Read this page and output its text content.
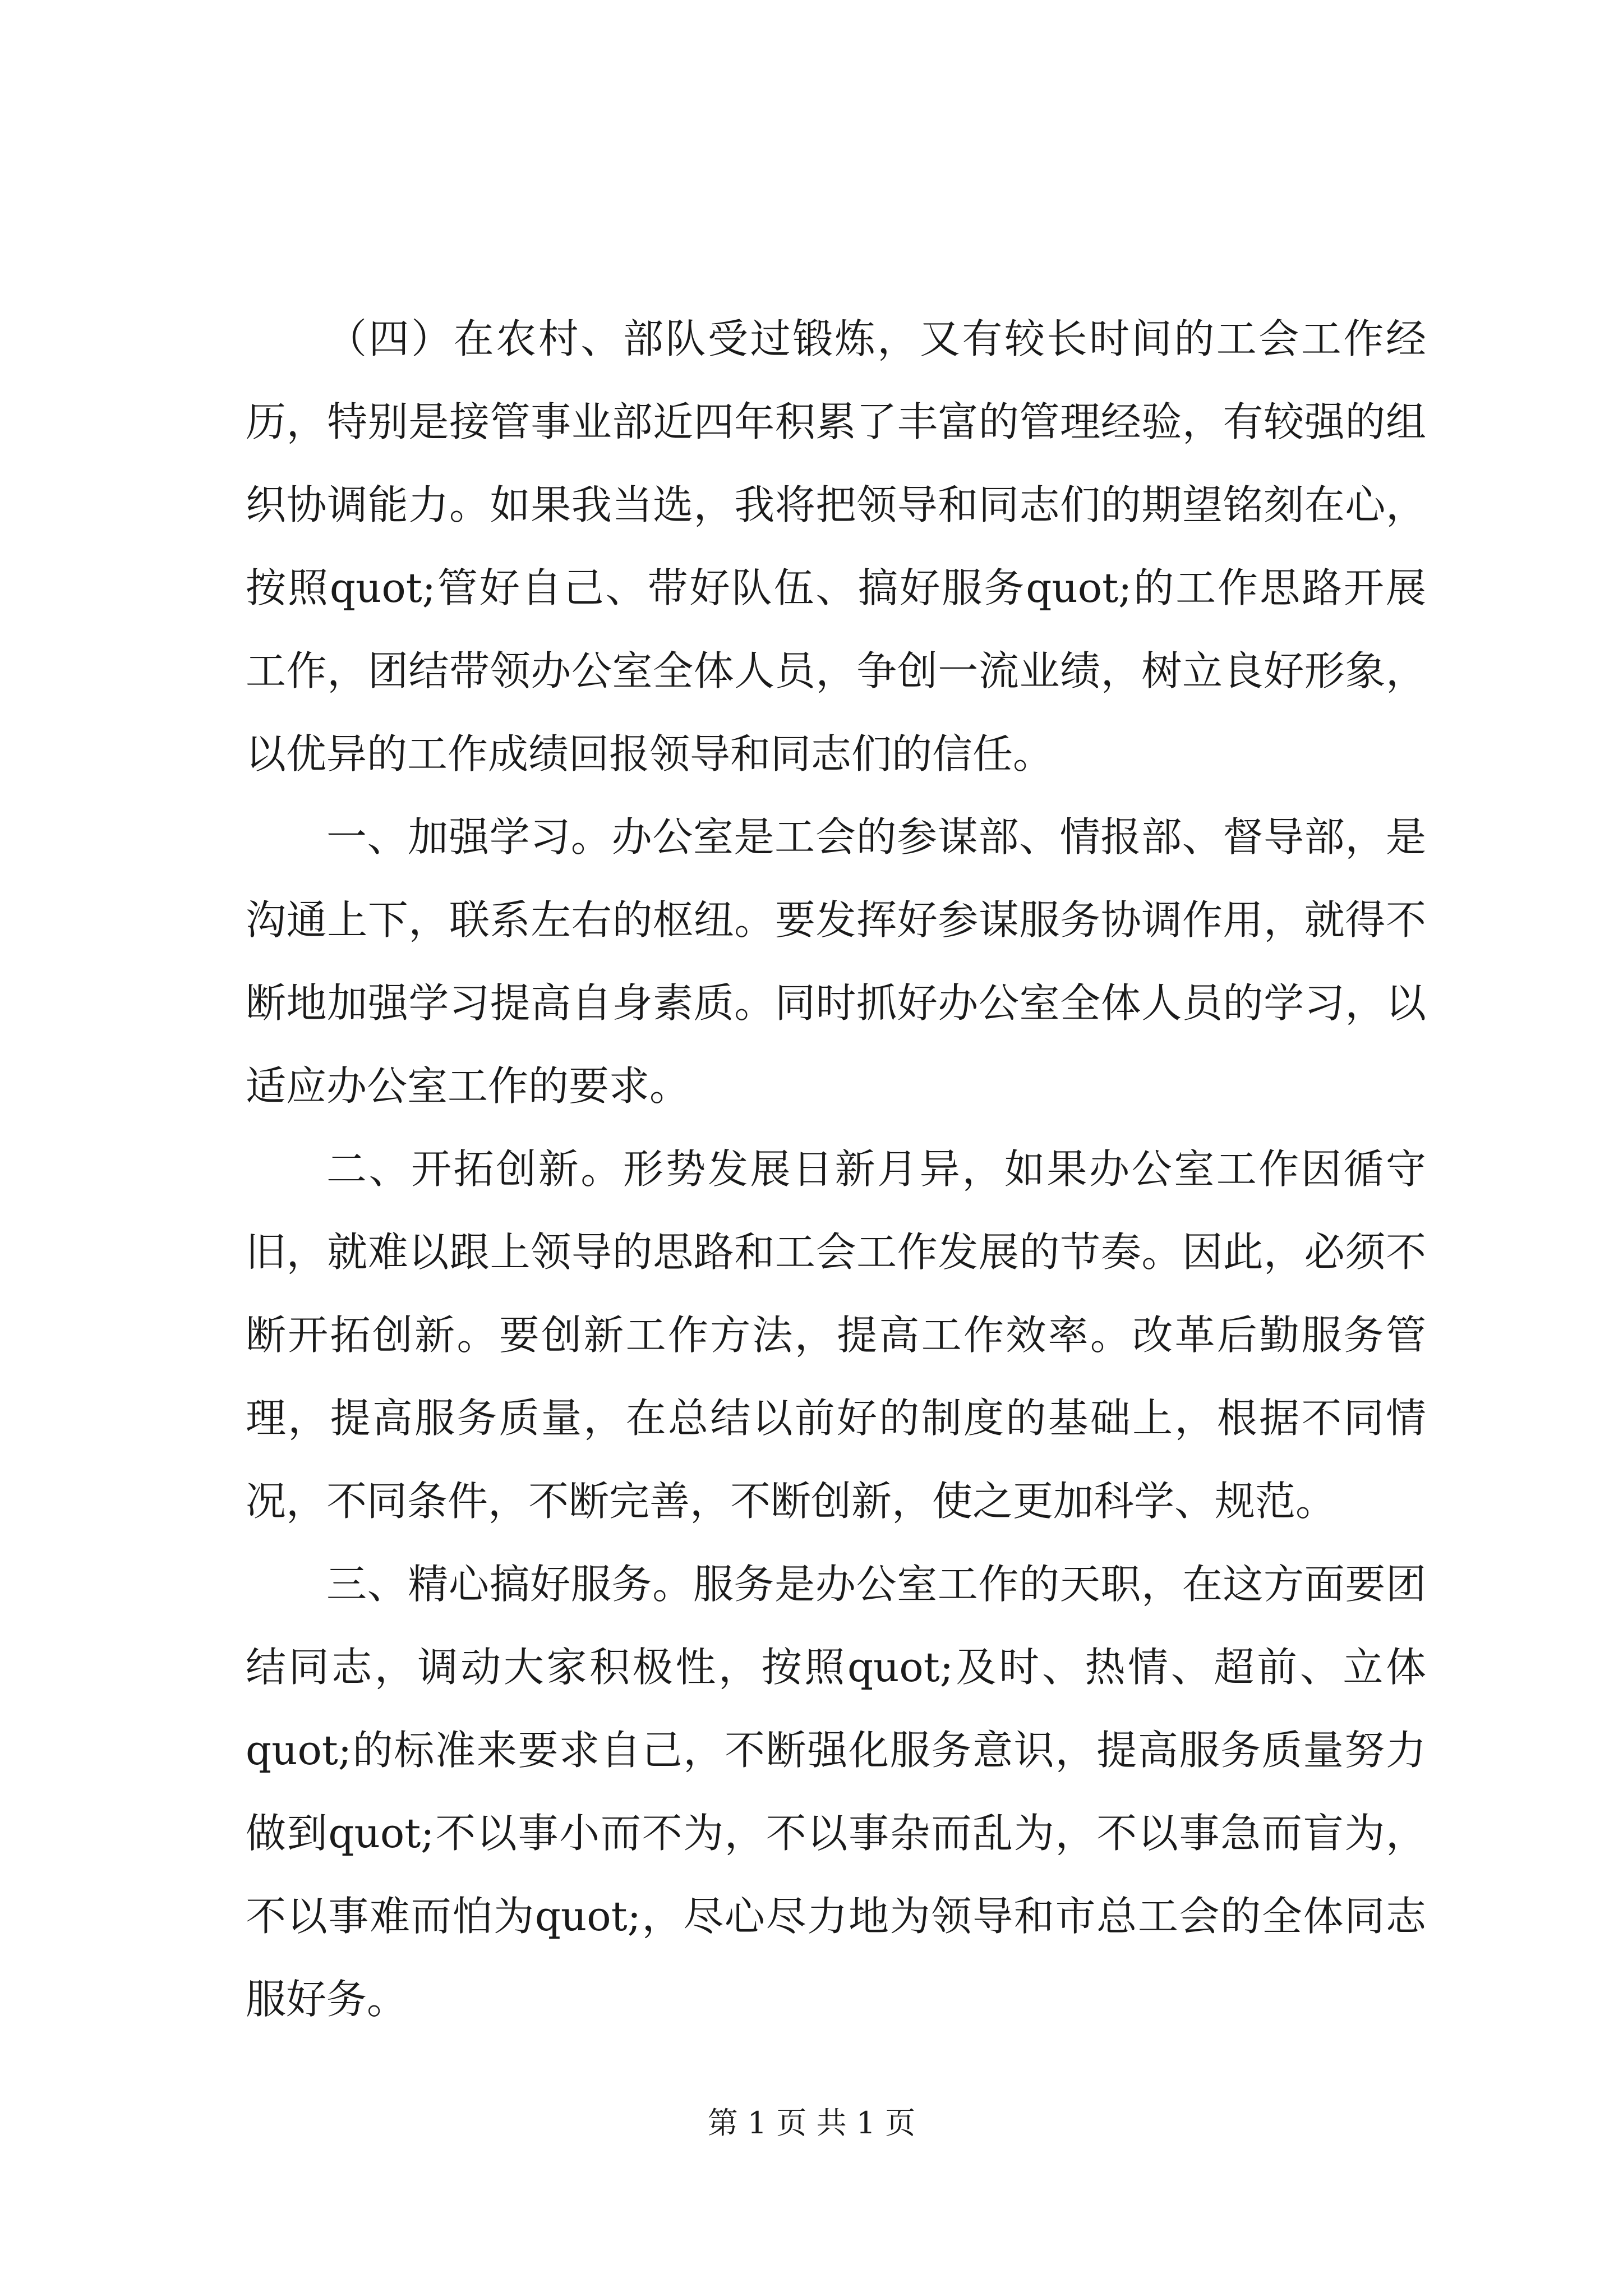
（四）在农村、部队受过锻炼，又有较长时间的工会工作经历，特别是接管事业部近四年积累了丰富的管理经验，有较强的组织协调能力。如果我当选，我将把领导和同志们的期望铭刻在心，按照quot;管好自己、带好队伍、搞好服务quot;的工作思路开展工作，团结带领办公室全体人员，争创一流业绩，树立良好形象，以优异的工作成绩回报领导和同志们的信任。

一、加强学习。办公室是工会的参谋部、情报部、督导部，是沟通上下，联系左右的枢纽。要发挥好参谋服务协调作用，就得不断地加强学习提高自身素质。同时抓好办公室全体人员的学习，以适应办公室工作的要求。

二、开拓创新。形势发展日新月异，如果办公室工作因循守旧，就难以跟上领导的思路和工会工作发展的节奏。因此，必须不断开拓创新。要创新工作方法，提高工作效率。改革后勤服务管理，提高服务质量，在总结以前好的制度的基础上，根据不同情况，不同条件，不断完善，不断创新，使之更加科学、规范。

三、精心搞好服务。服务是办公室工作的天职，在这方面要团结同志，调动大家积极性，按照quot;及时、热情、超前、立体quot;的标准来要求自己，不断强化服务意识，提高服务质量努力做到quot;不以事小而不为，不以事杂而乱为，不以事急而盲为，不以事难而怕为quot;，尽心尽力地为领导和市总工会的全体同志服好务。

第 1 页 共 1 页
